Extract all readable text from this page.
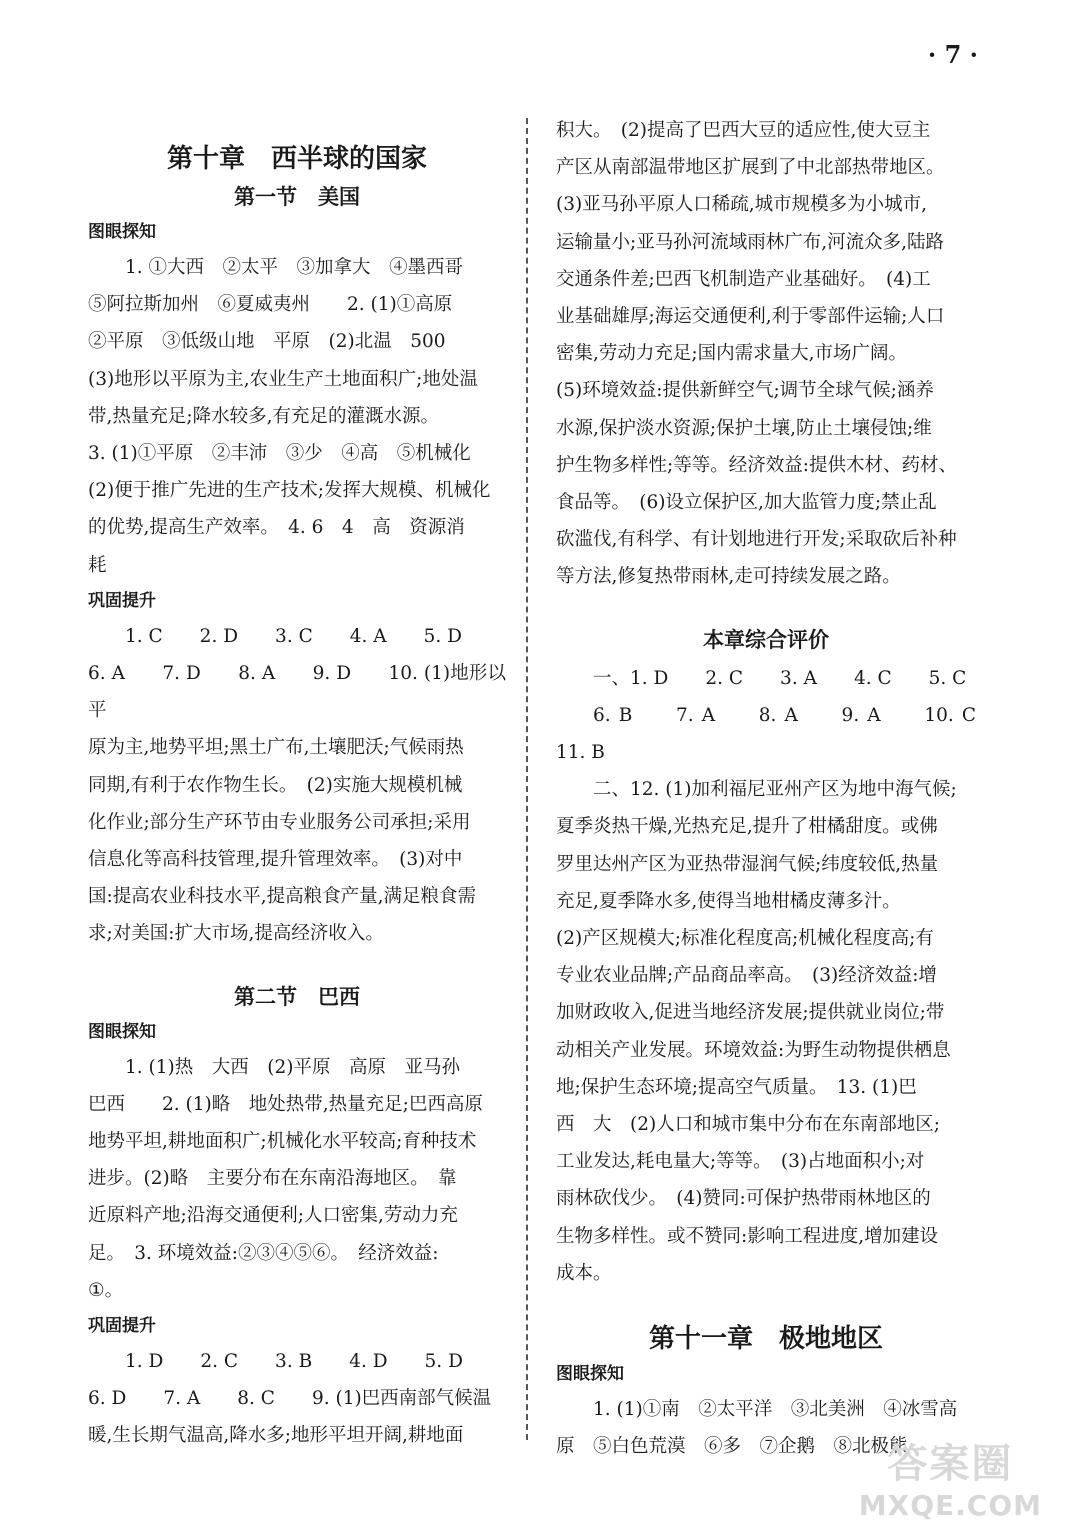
· 7 ·
第十章　西半球的国家
第一节　美国
图眼探知

1. ①大西　②太平　③加拿大　④墨西哥

⑤阿拉斯加州　⑥夏威夷州　　2. (1)①高原

②平原　③低级山地　平原　(2)北温　500

(3)地形以平原为主,农业生产土地面积广;地处温

带,热量充足;降水较多,有充足的灌溉水源。

3. (1)①平原　②丰沛　③少　④高　⑤机械化

(2)便于推广先进的生产技术;发挥大规模、机械化

的优势,提高生产效率。　4. 6　4　高　资源消

耗

巩固提升

1. C　　2. D　　3. C　　4. A　　5. D

6. A　　7. D　　8. A　　9. D　　10. (1)地形以平

原为主,地势平坦;黑土广布,土壤肥沃;气候雨热

同期,有利于农作物生长。　(2)实施大规模机械

化作业;部分生产环节由专业服务公司承担;采用

信息化等高科技管理,提升管理效率。　(3)对中

国:提高农业科技水平,提高粮食产量,满足粮食需

求;对美国:扩大市场,提高经济收入。

第二节　巴西
图眼探知

1. (1)热　大西　(2)平原　高原　亚马孙

巴西　　2. (1)略　地处热带,热量充足;巴西高原

地势平坦,耕地面积广;机械化水平较高;育种技术

进步。(2)略　主要分布在东南沿海地区。　靠

近原料产地;沿海交通便利;人口密集,劳动力充

足。　3. 环境效益:②③④⑤⑥。　经济效益:

①。

巩固提升

1. D　　2. C　　3. B　　4. D　　5. D

6. D　　7. A　　8. C　　9. (1)巴西南部气候温

暖,生长期气温高,降水多;地形平坦开阔,耕地面

积大。　(2)提高了巴西大豆的适应性,使大豆主

产区从南部温带地区扩展到了中北部热带地区。

(3)亚马孙平原人口稀疏,城市规模多为小城市,

运输量小;亚马孙河流域雨林广布,河流众多,陆路

交通条件差;巴西飞机制造产业基础好。　(4)工

业基础雄厚;海运交通便利,利于零部件运输;人口

密集,劳动力充足;国内需求量大,市场广阔。

(5)环境效益:提供新鲜空气;调节全球气候;涵养

水源,保护淡水资源;保护土壤,防止土壤侵蚀;维

护生物多样性;等等。经济效益:提供木材、药材、

食品等。　(6)设立保护区,加大监管力度;禁止乱

砍滥伐,有科学、有计划地进行开发;采取砍后补种

等方法,修复热带雨林,走可持续发展之路。

本章综合评价

一、1. D　　2. C　　3. A　　4. C　　5. C

6. B　　7. A　　8. A　　9. A　　10. C　　11. B

二、12. (1)加利福尼亚州产区为地中海气候;

夏季炎热干燥,光热充足,提升了柑橘甜度。或佛

罗里达州产区为亚热带湿润气候;纬度较低,热量

充足,夏季降水多,使得当地柑橘皮薄多汁。

(2)产区规模大;标准化程度高;机械化程度高;有

专业农业品牌;产品商品率高。　(3)经济效益:增

加财政收入,促进当地经济发展;提供就业岗位;带

动相关产业发展。环境效益:为野生动物提供栖息

地;保护生态环境;提高空气质量。　13. (1)巴

西　大　(2)人口和城市集中分布在东南部地区;

工业发达,耗电量大;等等。　(3)占地面积小;对

雨林砍伐少。　(4)赞同:可保护热带雨林地区的

生物多样性。或不赞同:影响工程进度,增加建设

成本。

第十一章　极地地区
图眼探知

1. (1)①南　②太平洋　③北美洲　④冰雪高

原　⑤白色荒漠　⑥多　⑦企鹅　⑧北极熊

答案圈
MXQE.COM
